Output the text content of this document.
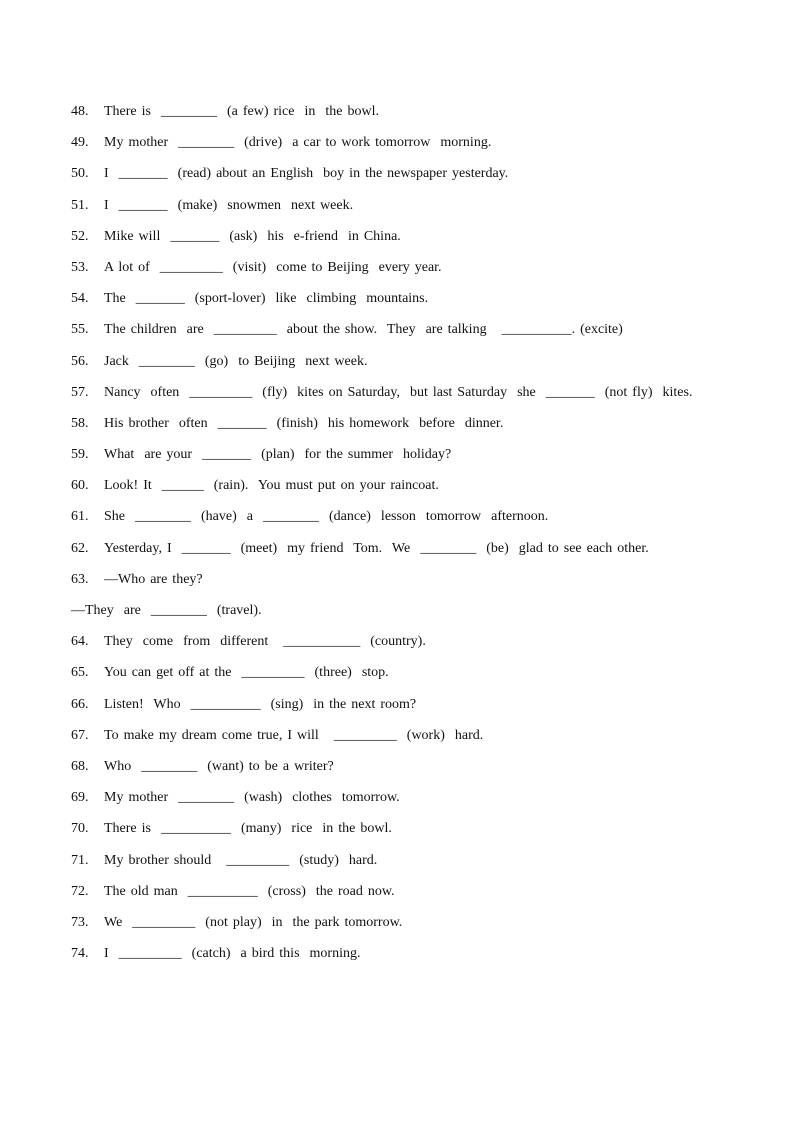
48. There is  ________  (a few) rice  in  the bowl.
49. My mother  ________  (drive)  a car to work tomorrow  morning.
50. I  _______  (read) about an English  boy in the newspaper yesterday.
51. I  _______  (make)  snowmen  next week.
52. Mike will  _______  (ask)  his  e-friend  in China.
53. A lot of  _________  (visit)  come to Beijing  every year.
54. The  _______  (sport-lover)  like  climbing  mountains.
55. The children  are  _________  about the show.  They  are talking   __________. (excite)
56. Jack  ________  (go)  to Beijing  next week.
57. Nancy  often  _________  (fly)  kites on Saturday,  but last Saturday  she  _______  (not fly)  kites.
58. His brother  often  _______  (finish)  his homework  before  dinner.
59. What  are your  _______  (plan)  for the summer  holiday?
60. Look! It  ______  (rain).  You must put on your raincoat.
61. She  ________  (have)  a  ________  (dance)  lesson  tomorrow  afternoon.
62. Yesterday, I  _______  (meet)  my friend  Tom.  We  ________  (be)  glad to see each other.
63. —Who are they?
—They  are  ________  (travel).
64. They  come  from  different   ___________  (country).
65. You can get off at the  _________  (three)  stop.
66. Listen!  Who  __________  (sing)  in the next room?
67. To make my dream come true, I will   _________  (work)  hard.
68. Who  ________  (want) to be a writer?
69. My mother  ________  (wash)  clothes  tomorrow.
70. There is  __________  (many)  rice  in the bowl.
71. My brother should   _________  (study)  hard.
72. The old man  __________  (cross)  the road now.
73. We  _________  (not play)  in  the park tomorrow.
74. I  _________  (catch)  a bird this  morning.
